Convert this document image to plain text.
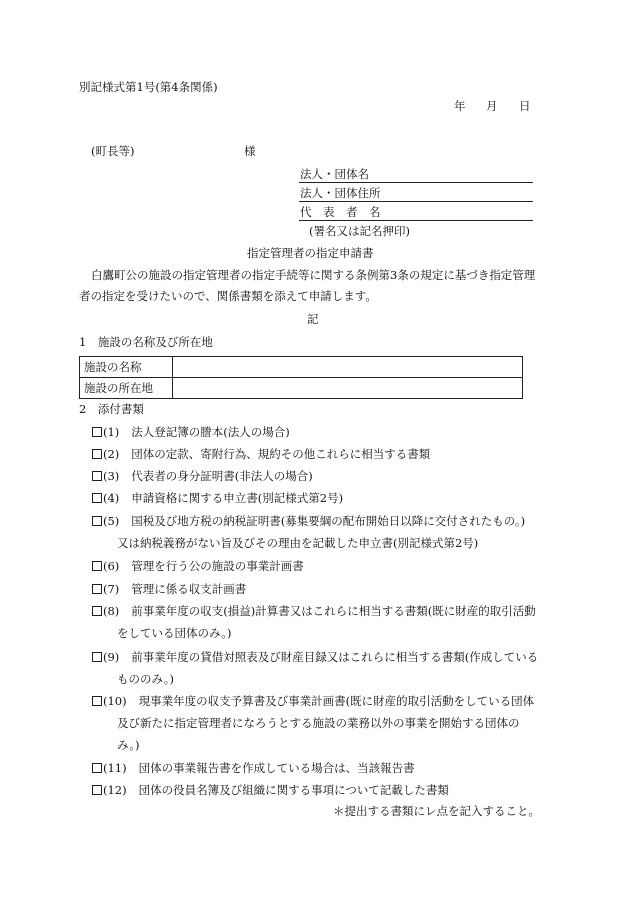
別記様式第1号(第4条関係)
年 月 日
(町長等)	様
法人・団体名
法人・団体住所
代　表　者　名
(署名又は記名押印)
指定管理者の指定申請書
白鷹町公の施設の指定管理者の指定手続等に関する条例第3条の規定に基づき指定管理
者の指定を受けたいので、関係書類を添えて申請します。
記
1　施設の名称及び所在地
施設の名称	
施設の所在地	
2　添付書類
(1) 法人登記簿の謄本(法人の場合)
(2) 団体の定款、寄附行為、規約その他これらに相当する書類
(3) 代表者の身分証明書(非法人の場合)
(4) 申請資格に関する申立書(別記様式第2号)
(5) 国税及び地方税の納税証明書(募集要綱の配布開始日以降に交付されたもの。)
又は納税義務がない旨及びその理由を記載した申立書(別記様式第2号)
(6) 管理を行う公の施設の事業計画書
(7) 管理に係る収支計画書
(8) 前事業年度の収支(損益)計算書又はこれらに相当する書類(既に財産的取引活動
をしている団体のみ。)
(9) 前事業年度の貸借対照表及び財産目録又はこれらに相当する書類(作成している
もののみ。)
(10) 現事業年度の収支予算書及び事業計画書(既に財産的取引活動をしている団体
及び新たに指定管理者になろうとする施設の業務以外の事業を開始する団体の
み。)
(11) 団体の事業報告書を作成している場合は、当該報告書
(12) 団体の役員名簿及び組織に関する事項について記載した書類
＊提出する書類にレ点を記入すること。
